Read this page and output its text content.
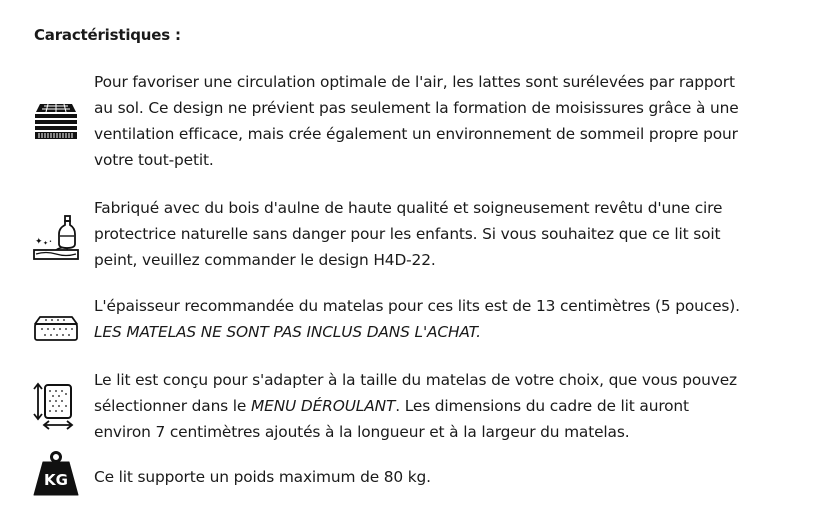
Caractéristiques :
Pour favoriser une circulation optimale de l'air, les lattes sont surélevées par rapport
au sol. Ce design ne prévient pas seulement la formation de moisissures grâce à une
ventilation efficace, mais crée également un environnement de sommeil propre pour
votre tout-petit.
✦ ✦ •
Fabriqué avec du bois d'aulne de haute qualité et soigneusement revêtu d'une cire
protectrice naturelle sans danger pour les enfants. Si vous souhaitez que ce lit soit
peint, veuillez commander le design H4D-22.
L'épaisseur recommandée du matelas pour ces lits est de 13 centimètres (5 pouces).
LES MATELAS NE SONT PAS INCLUS DANS L'ACHAT.
Le lit est conçu pour s'adapter à la taille du matelas de votre choix, que vous pouvez
sélectionner dans le MENU DÉROULANT. Les dimensions du cadre de lit auront
environ 7 centimètres ajoutés à la longueur et à la largeur du matelas.
KG Ce lit supporte un poids maximum de 80 kg.
